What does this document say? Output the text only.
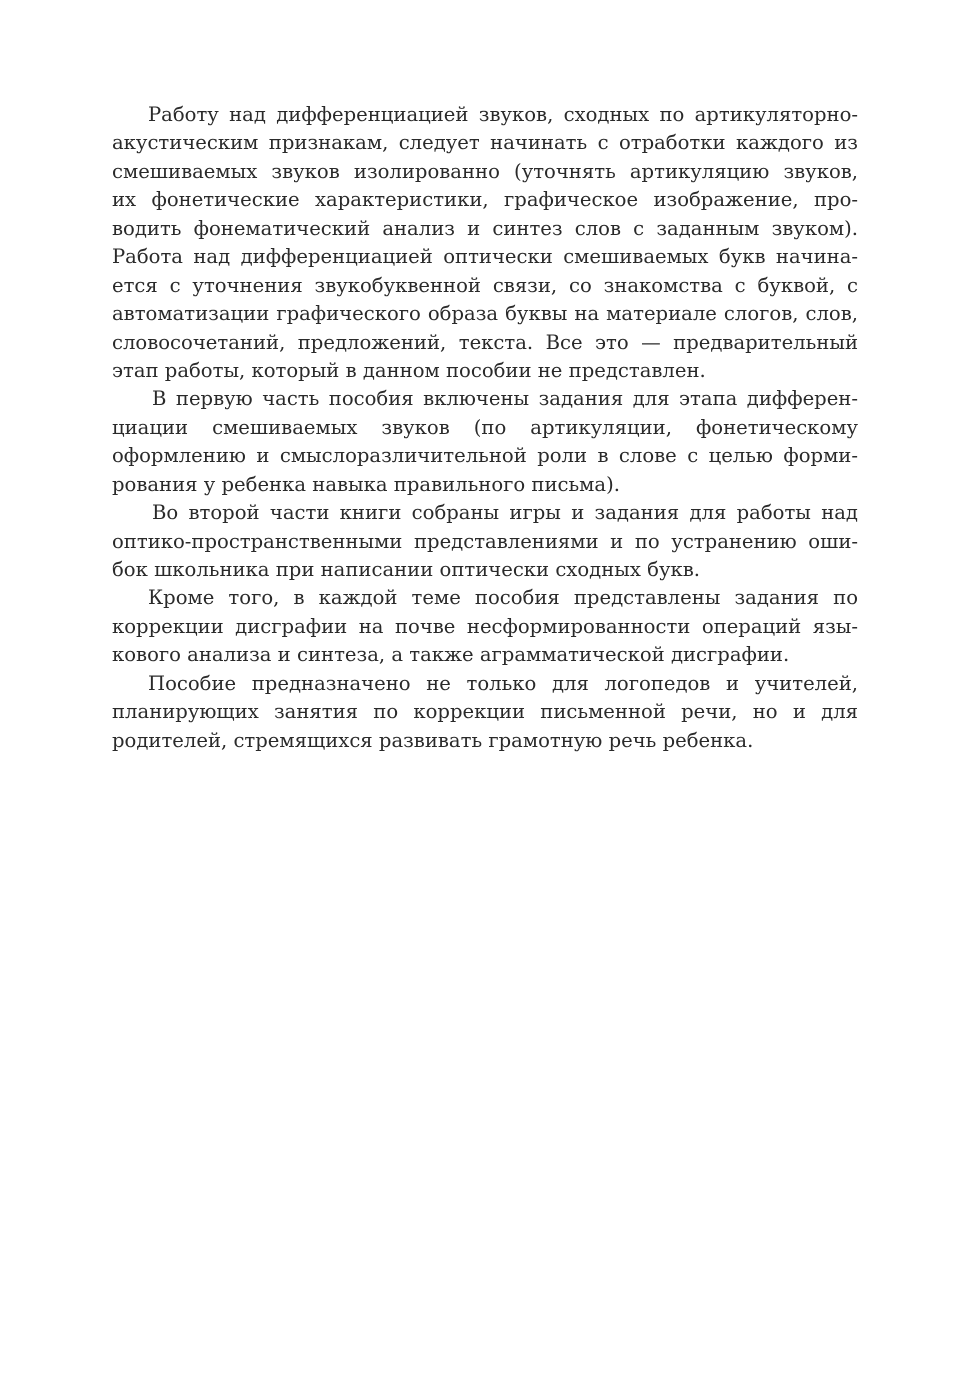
Работу над дифференциацией звуков, сходных по артикуляторно-
акустическим признакам, следует начинать с отработки каждого из
смешиваемых звуков изолированно (уточнять артикуляцию звуков,
их фонетические характеристики, графическое изображение, про-
водить фонематический анализ и синтез слов с заданным звуком).
Работа над дифференциацией оптически смешиваемых букв начина-
ется с уточнения звукобуквенной связи, со знакомства с буквой, с
автоматизации графического образа буквы на материале слогов, слов,
словосочетаний, предложений, текста. Все это — предварительный
этап работы, который в данном пособии не представлен.
В первую часть пособия включены задания для этапа дифферен-
циации смешиваемых звуков (по артикуляции, фонетическому
оформлению и смыслоразличительной роли в слове с целью форми-
рования у ребенка навыка правильного письма).
Во второй части книги собраны игры и задания для работы над
оптико-пространственными представлениями и по устранению оши-
бок школьника при написании оптически сходных букв.
Кроме того, в каждой теме пособия представлены задания по
коррекции дисграфии на почве несформированности операций язы-
кового анализа и синтеза, а также аграмматической дисграфии.
Пособие предназначено не только для логопедов и учителей,
планирующих занятия по коррекции письменной речи, но и для
родителей, стремящихся развивать грамотную речь ребенка.
